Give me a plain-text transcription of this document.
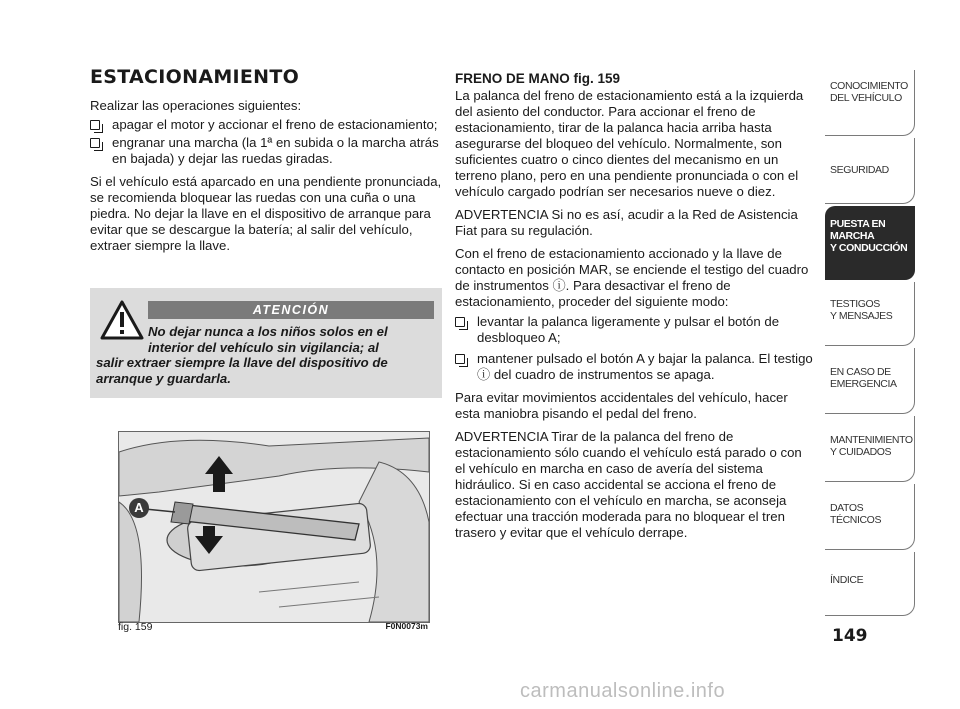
ESTACIONAMIENTO

Realizar las operaciones siguientes:

apagar el motor y accionar el freno de estacionamiento;
engranar una marcha (la 1ª en subida o la marcha atrás en bajada) y dejar las ruedas giradas.

Si el vehículo está aparcado en una pendiente pronunciada, se recomienda bloquear las ruedas con una cuña o una piedra. No dejar la llave en el dispositivo de arranque para evitar que se descargue la batería; al salir del vehículo, extraer siempre la llave.

ATENCIÓN
No dejar nunca a los niños solos en el interior del vehículo sin vigilancia; al
salir extraer siempre la llave del dispositivo de arranque y guardarla.
A
fig. 159	F0N0073m
FRENO DE MANO fig. 159

La palanca del freno de estacionamiento está a la izquierda del asiento del conductor. Para accionar el freno de estacionamiento, tirar de la palanca hacia arriba hasta asegurarse del bloqueo del vehículo. Normalmente, son suficientes cuatro o cinco dientes del mecanismo en un terreno plano, pero en una pendiente pronunciada o con el vehículo cargado podrían ser necesarios nueve o diez.

ADVERTENCIA Si no es así, acudir a la Red de Asistencia Fiat para su regulación.

Con el freno de estacionamiento accionado y la llave de contacto en posición MAR, se enciende el testigo del cuadro de instrumentos ⓘ. Para desactivar el freno de estacionamiento, proceder del siguiente modo:

levantar la palanca ligeramente y pulsar el botón de desbloqueo A;
mantener pulsado el botón A y bajar la palanca. El testigo ⓘ del cuadro de instrumentos se apaga.

Para evitar movimientos accidentales del vehículo, hacer esta maniobra pisando el pedal del freno.

ADVERTENCIA Tirar de la palanca del freno de estacionamiento sólo cuando el vehículo está parado o con el vehículo en marcha en caso de avería del sistema hidráulico. Si en caso accidental se acciona el freno de estacionamiento con el vehículo en marcha, se aconseja efectuar una tracción moderada para no bloquear el tren trasero y evitar que el vehículo derrape.

CONOCIMIENTO
DEL VEHÍCULO
SEGURIDAD
PUESTA EN
MARCHA
Y CONDUCCIÓN
TESTIGOS
Y MENSAJES
EN CASO DE
EMERGENCIA
MANTENIMIENTO
Y CUIDADOS
DATOS
TÉCNICOS
ÍNDICE
149
carmanualsonline.info
